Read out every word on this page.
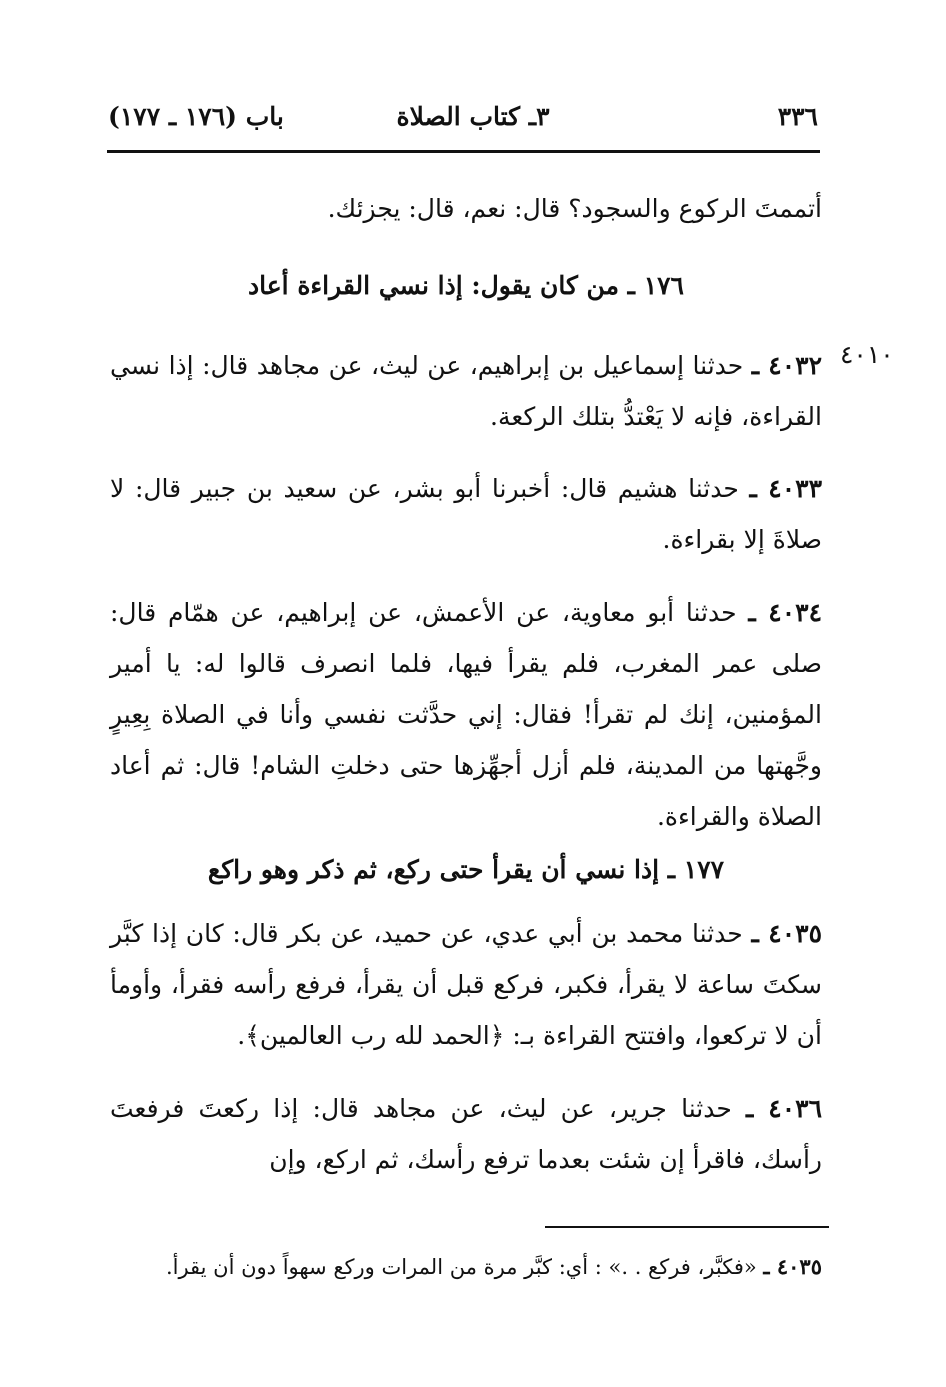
٣٣٦
٣ـ كتاب الصلاة
باب (١٧٦ ـ ١٧٧)
أتممتَ الركوع والسجود؟ قال: نعم، قال: يجزئك.
١٧٦ ـ من كان يقول: إذا نسي القراءة أعاد
٤٠١٠
٤٠٣٢ ـ حدثنا إسماعيل بن إبراهيم، عن ليث، عن مجاهد قال: إذا نسي القراءة، فإنه لا يَعْتدُّ بتلك الركعة.
٤٠٣٣ ـ حدثنا هشيم قال: أخبرنا أبو بشر، عن سعيد بن جبير قال: لا صلاةَ إلا بقراءة.
٤٠٣٤ ـ حدثنا أبو معاوية، عن الأعمش، عن إبراهيم، عن همّام قال: صلى عمر المغرب، فلم يقرأ فيها، فلما انصرف قالوا له: يا أمير المؤمنين، إنك لم تقرأ! فقال: إني حدَّثت نفسي وأنا في الصلاة بِعِيرٍ وجَّهتها من المدينة، فلم أزل أجهِّزها حتى دخلتِ الشام! قال: ثم أعاد الصلاة والقراءة.
١٧٧ ـ إذا نسي أن يقرأ حتى ركع، ثم ذكر وهو راكع
٤٠٣٥ ـ حدثنا محمد بن أبي عدي، عن حميد، عن بكر قال: كان إذا كبَّر سكتَ ساعة لا يقرأ، فكبر، فركع قبل أن يقرأ، فرفع رأسه فقرأ، وأومأ أن لا تركعوا، وافتتح القراءة بـ: ﴿الحمد لله رب العالمين﴾.
٤٠٣٦ ـ حدثنا جرير، عن ليث، عن مجاهد قال: إذا ركعتَ فرفعتَ رأسك، فاقرأ إن شئت بعدما ترفع رأسك، ثم اركع، وإن
٤٠٣٥ ـ «فكبَّر، فركع . .» : أي: كبَّر مرة من المرات وركع سهواً دون أن يقرأ.
